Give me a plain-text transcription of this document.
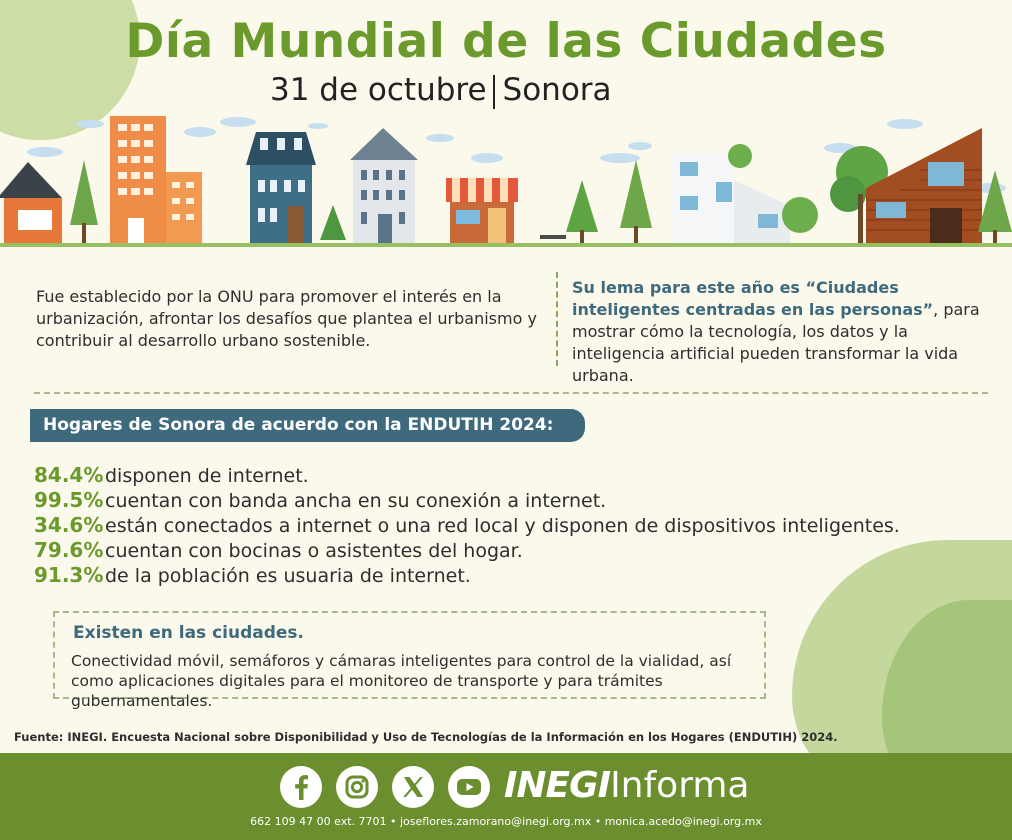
Día Mundial de las Ciudades
31 de octubre Sonora
Fue establecido por la ONU para promover el interés en la urbanización, afrontar los desafíos que plantea el urbanismo y contribuir al desarrollo urbano sostenible.
Su lema para este año es “Ciudades inteligentes centradas en las personas”, para mostrar cómo la tecnología, los datos y la inteligencia artificial pueden transformar la vida urbana.
Hogares de Sonora de acuerdo con la ENDUTIH 2024:
84.4%disponen de internet.
99.5%cuentan con banda ancha en su conexión a internet.
34.6%están conectados a internet o una red local y disponen de dispositivos inteligentes.
79.6%cuentan con bocinas o asistentes del hogar.
91.3%de la población es usuaria de internet.
Existen en las ciudades.
Conectividad móvil, semáforos y cámaras inteligentes para control de la vialidad, así como aplicaciones digitales para el monitoreo de transporte y para trámites gubernamentales.
Fuente: INEGI. Encuesta Nacional sobre Disponibilidad y Uso de Tecnologías de la Información en los Hogares (ENDUTIH) 2024.
INEGIInforma
662 109 47 00 ext. 7701 • joseflores.zamorano@inegi.org.mx • monica.acedo@inegi.org.mx
